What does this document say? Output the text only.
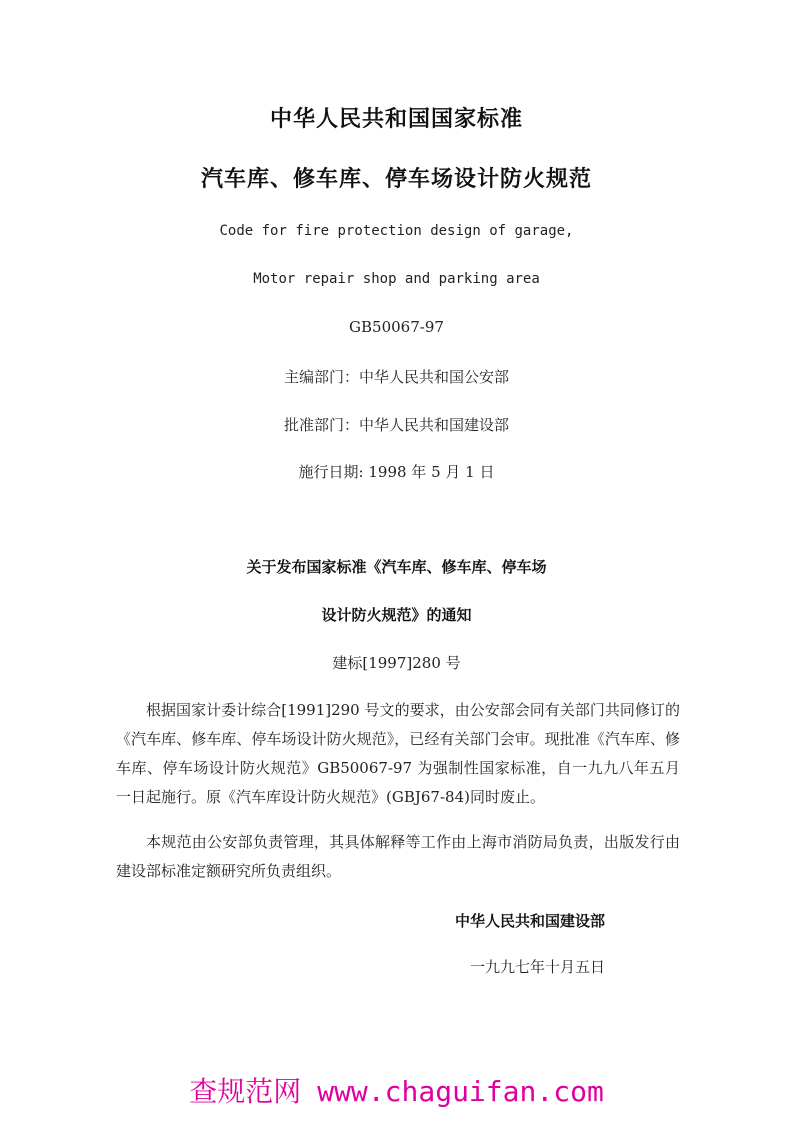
中华人民共和国国家标准
汽车库、修车库、停车场设计防火规范
Code for fire protection design of garage,
Motor repair shop and parking area
GB50067-97
主编部门：中华人民共和国公安部
批准部门：中华人民共和国建设部
施行日期: 1998 年 5 月 1 日
关于发布国家标准《汽车库、修车库、停车场
设计防火规范》的通知
建标[1997]280 号
根据国家计委计综合[1991]290 号文的要求，由公安部会同有关部门共同修订的《汽车库、修车库、停车场设计防火规范》，已经有关部门会审。现批准《汽车库、修车库、停车场设计防火规范》GB50067-97 为强制性国家标准，自一九九八年五月一日起施行。原《汽车库设计防火规范》(GBJ67-84)同时废止。
本规范由公安部负责管理，其具体解释等工作由上海市消防局负责，出版发行由建设部标准定额研究所负责组织。
中华人民共和国建设部
一九九七年十月五日
查规范网 www.chaguifan.com
